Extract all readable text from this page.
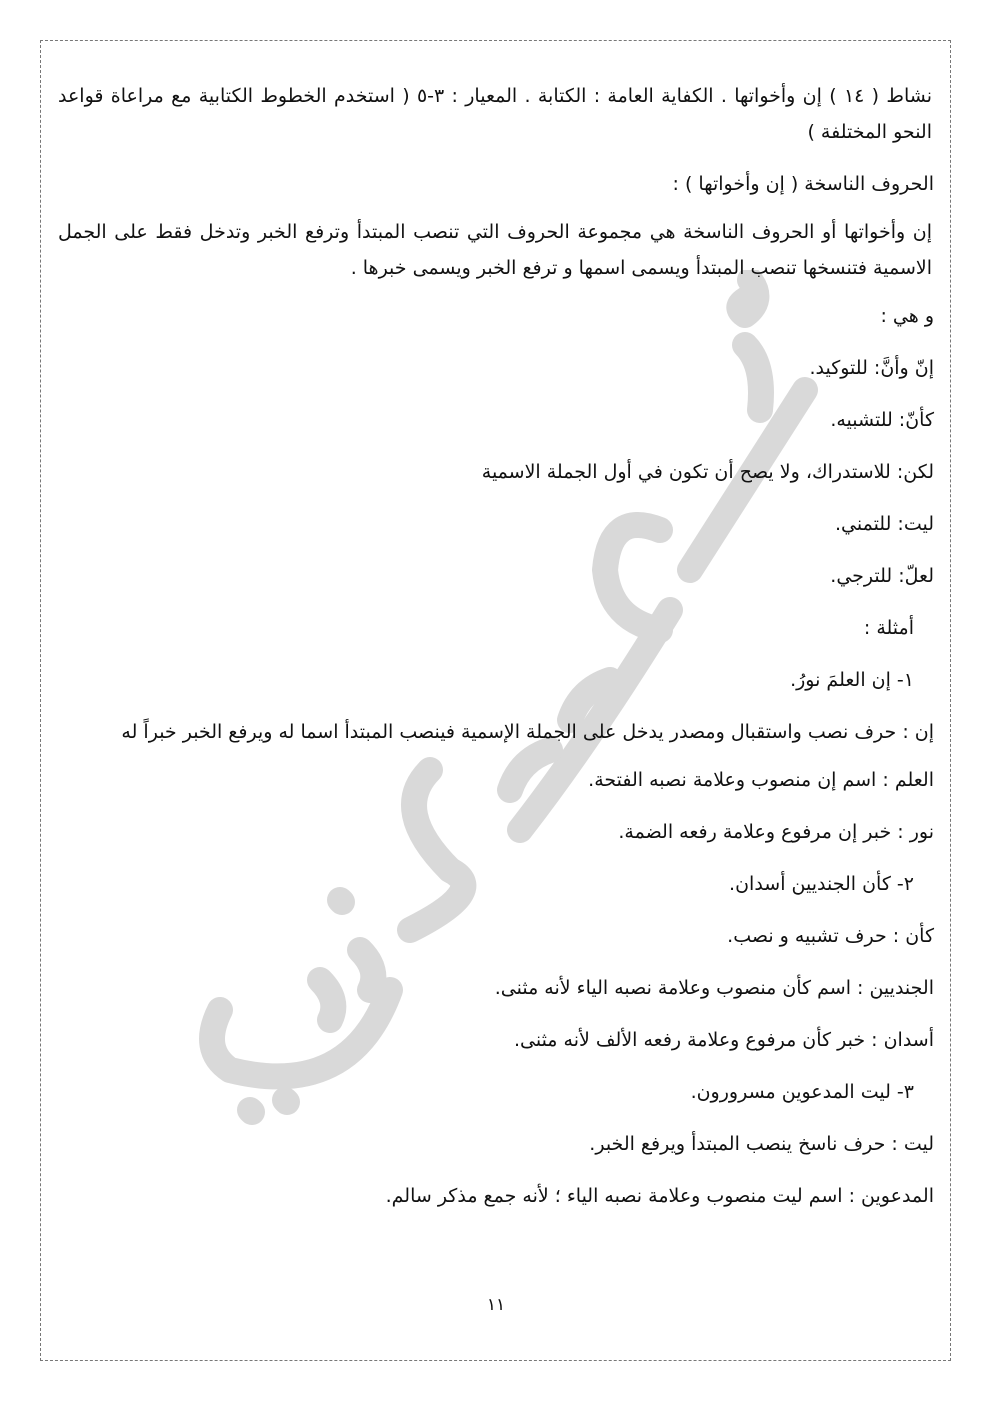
نشاط ( ١٤ ) إن وأخواتها . الكفاية العامة : الكتابة . المعيار : ٣-٥ ( استخدم الخطوط الكتابية مع مراعاة قواعد النحو المختلفة )

الحروف الناسخة ( إن وأخواتها ) :

إن وأخواتها أو الحروف الناسخة هي مجموعة الحروف التي تنصب المبتدأ وترفع الخبر وتدخل فقط على الجمل الاسمية فتنسخها تنصب المبتدأ ويسمى اسمها و ترفع الخبر ويسمى خبرها .

و هي :

إنّ وأنَّ: للتوكيد.

كأنّ: للتشبيه.

لكن: للاستدراك، ولا يصح أن تكون في أول الجملة الاسمية

ليت: للتمني.

لعلّ: للترجي.

أمثلة :

١- إن العلمَ نورُ.

إن : حرف نصب واستقبال ومصدر يدخل على الجملة الإسمية فينصب المبتدأ اسما له ويرفع الخبر خبراً له

العلم : اسم إن منصوب وعلامة نصبه الفتحة.

نور : خبر إن مرفوع وعلامة رفعه الضمة.

٢- كأن الجنديين أسدان.

كأن : حرف تشبيه و نصب.

الجنديين : اسم كأن منصوب وعلامة نصبه الياء لأنه مثنى.

أسدان : خبر كأن مرفوع وعلامة رفعه الألف لأنه مثنى.

٣- ليت المدعوين مسرورون.

ليت : حرف ناسخ ينصب المبتدأ ويرفع الخبر.

المدعوين : اسم ليت منصوب وعلامة نصبه الياء ؛ لأنه جمع مذكر سالم.

١١
